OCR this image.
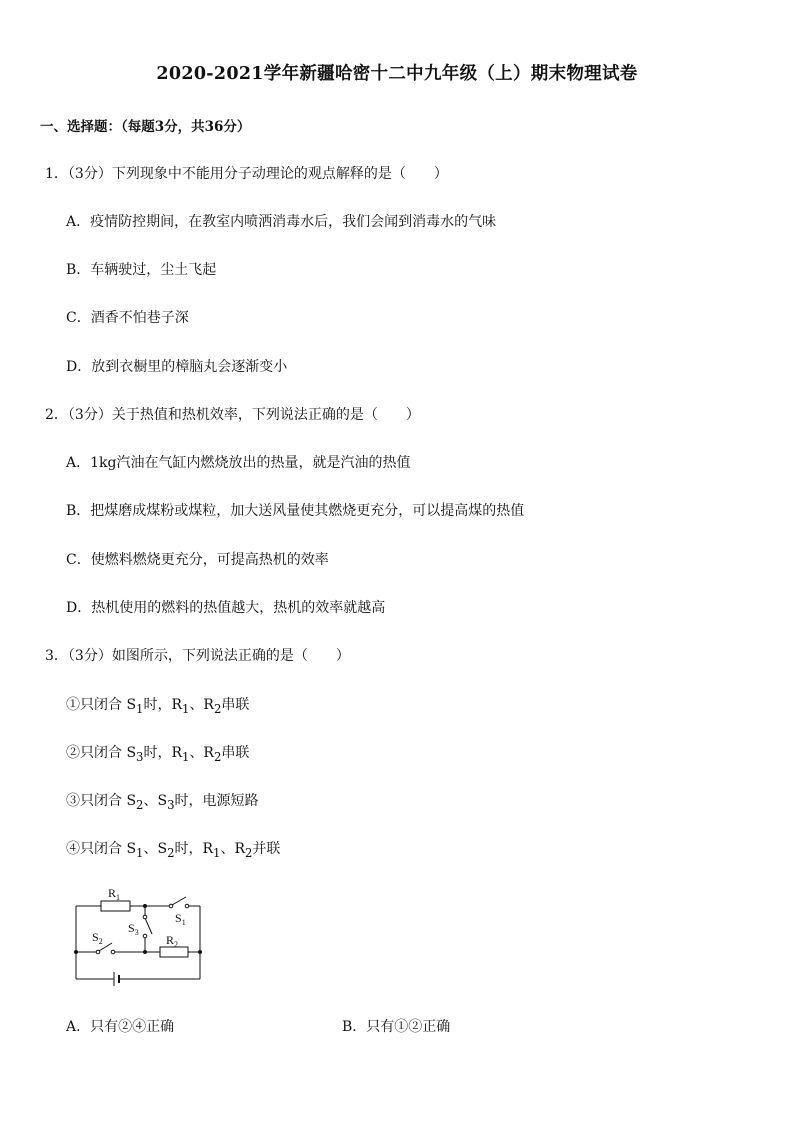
2020-2021学年新疆哈密十二中九年级（上）期末物理试卷
一、选择题：（每题3分，共36分）
1．（3分）下列现象中不能用分子动理论的观点解释的是（　　）
A．疫情防控期间，在教室内喷洒消毒水后，我们会闻到消毒水的气味
B．车辆驶过，尘土飞起
C．酒香不怕巷子深
D．放到衣橱里的樟脑丸会逐渐变小
2．（3分）关于热值和热机效率，下列说法正确的是（　　）
A．1kg汽油在气缸内燃烧放出的热量，就是汽油的热值
B．把煤磨成煤粉或煤粒，加大送风量使其燃烧更充分，可以提高煤的热值
C．使燃料燃烧更充分，可提高热机的效率
D．热机使用的燃料的热值越大，热机的效率就越高
3．（3分）如图所示，下列说法正确的是（　　）
①只闭合 $S_1$时，$R_1$、$R_2$串联
②只闭合 $S_3$时，$R_1$、$R_2$串联
③只闭合 $S_2$、$S_3$时，电源短路
④只闭合 $S_1$、$S_2$时，$R_1$、$R_2$并联
$R_1$
$S_1$
$S_2$
$S_3$
$R_2$
A．只有②④正确	B．只有①②正确
